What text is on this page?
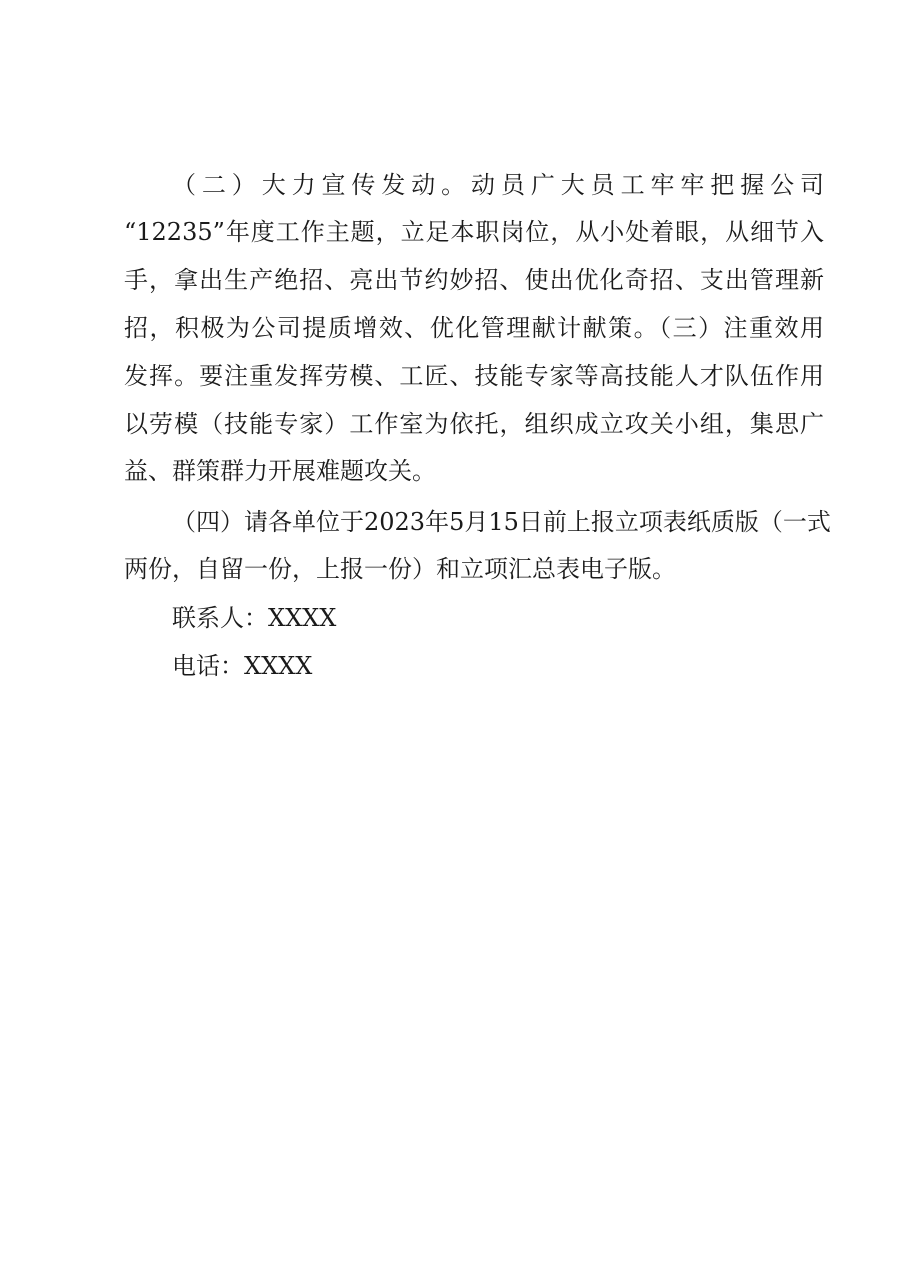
（二）大力宣传发动。动员广大员工牢牢把握公司
“12235”年度工作主题，立足本职岗位，从小处着眼，从细节入
手，拿出生产绝招、亮出节约妙招、使出优化奇招、支出管理新
招，积极为公司提质增效、优化管理献计献策。（三）注重效用
发挥。要注重发挥劳模、工匠、技能专家等高技能人才队伍作用
以劳模（技能专家）工作室为依托，组织成立攻关小组，集思广
益、群策群力开展难题攻关。
（四）请各单位于2023年5月15日前上报立项表纸质版（一式
两份，自留一份，上报一份）和立项汇总表电子版。
联系人：XXXX
电话：XXXX
